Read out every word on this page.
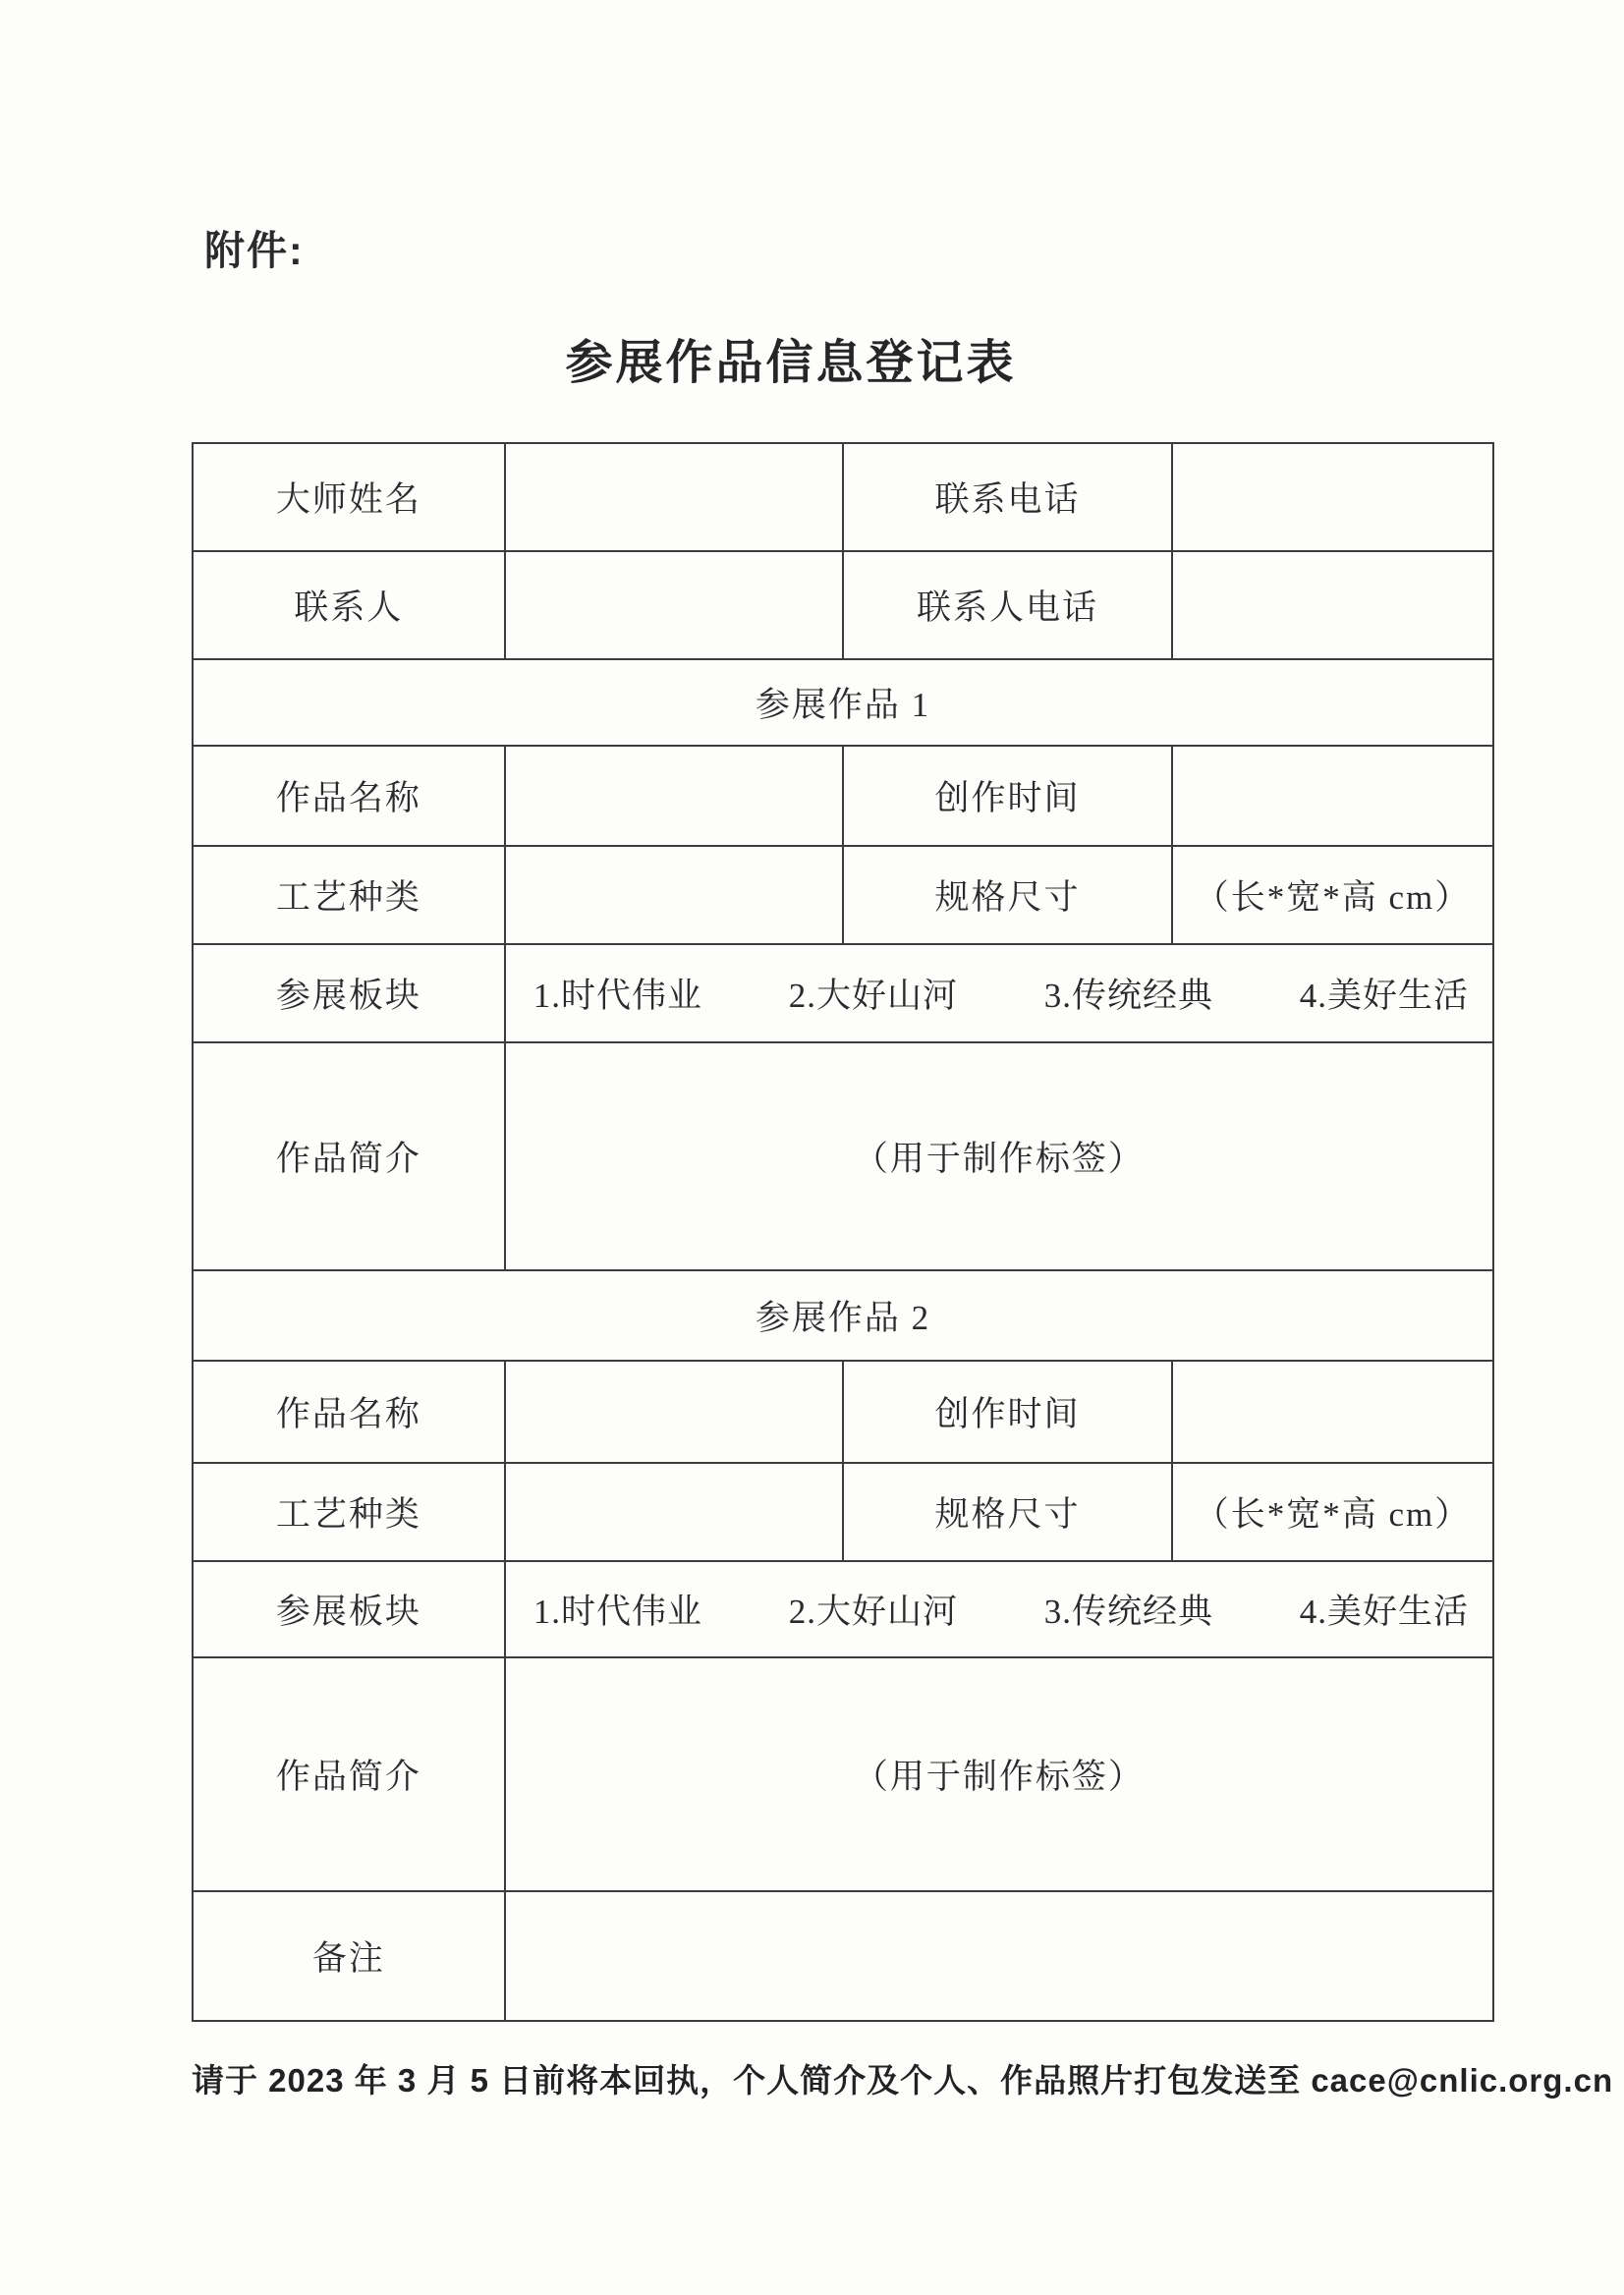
附件:
参展作品信息登记表
大师姓名		联系电话	
联系人		联系人电话	
参展作品 1			
作品名称		创作时间	
工艺种类		规格尺寸	（长*宽*高 cm）
参展板块	1.时代伟业 2.大好山河 3.传统经典 4.美好生活		

作品简介	（用于制作标签）		
参展作品 2			
作品名称		创作时间	
工艺种类		规格尺寸	（长*宽*高 cm）
参展板块	1.时代伟业 2.大好山河 3.传统经典 4.美好生活		

作品简介	（用于制作标签）		
备注			
请于 2023 年 3 月 5 日前将本回执，个人简介及个人、作品照片打包发送至 cace@cnlic.org.cn
